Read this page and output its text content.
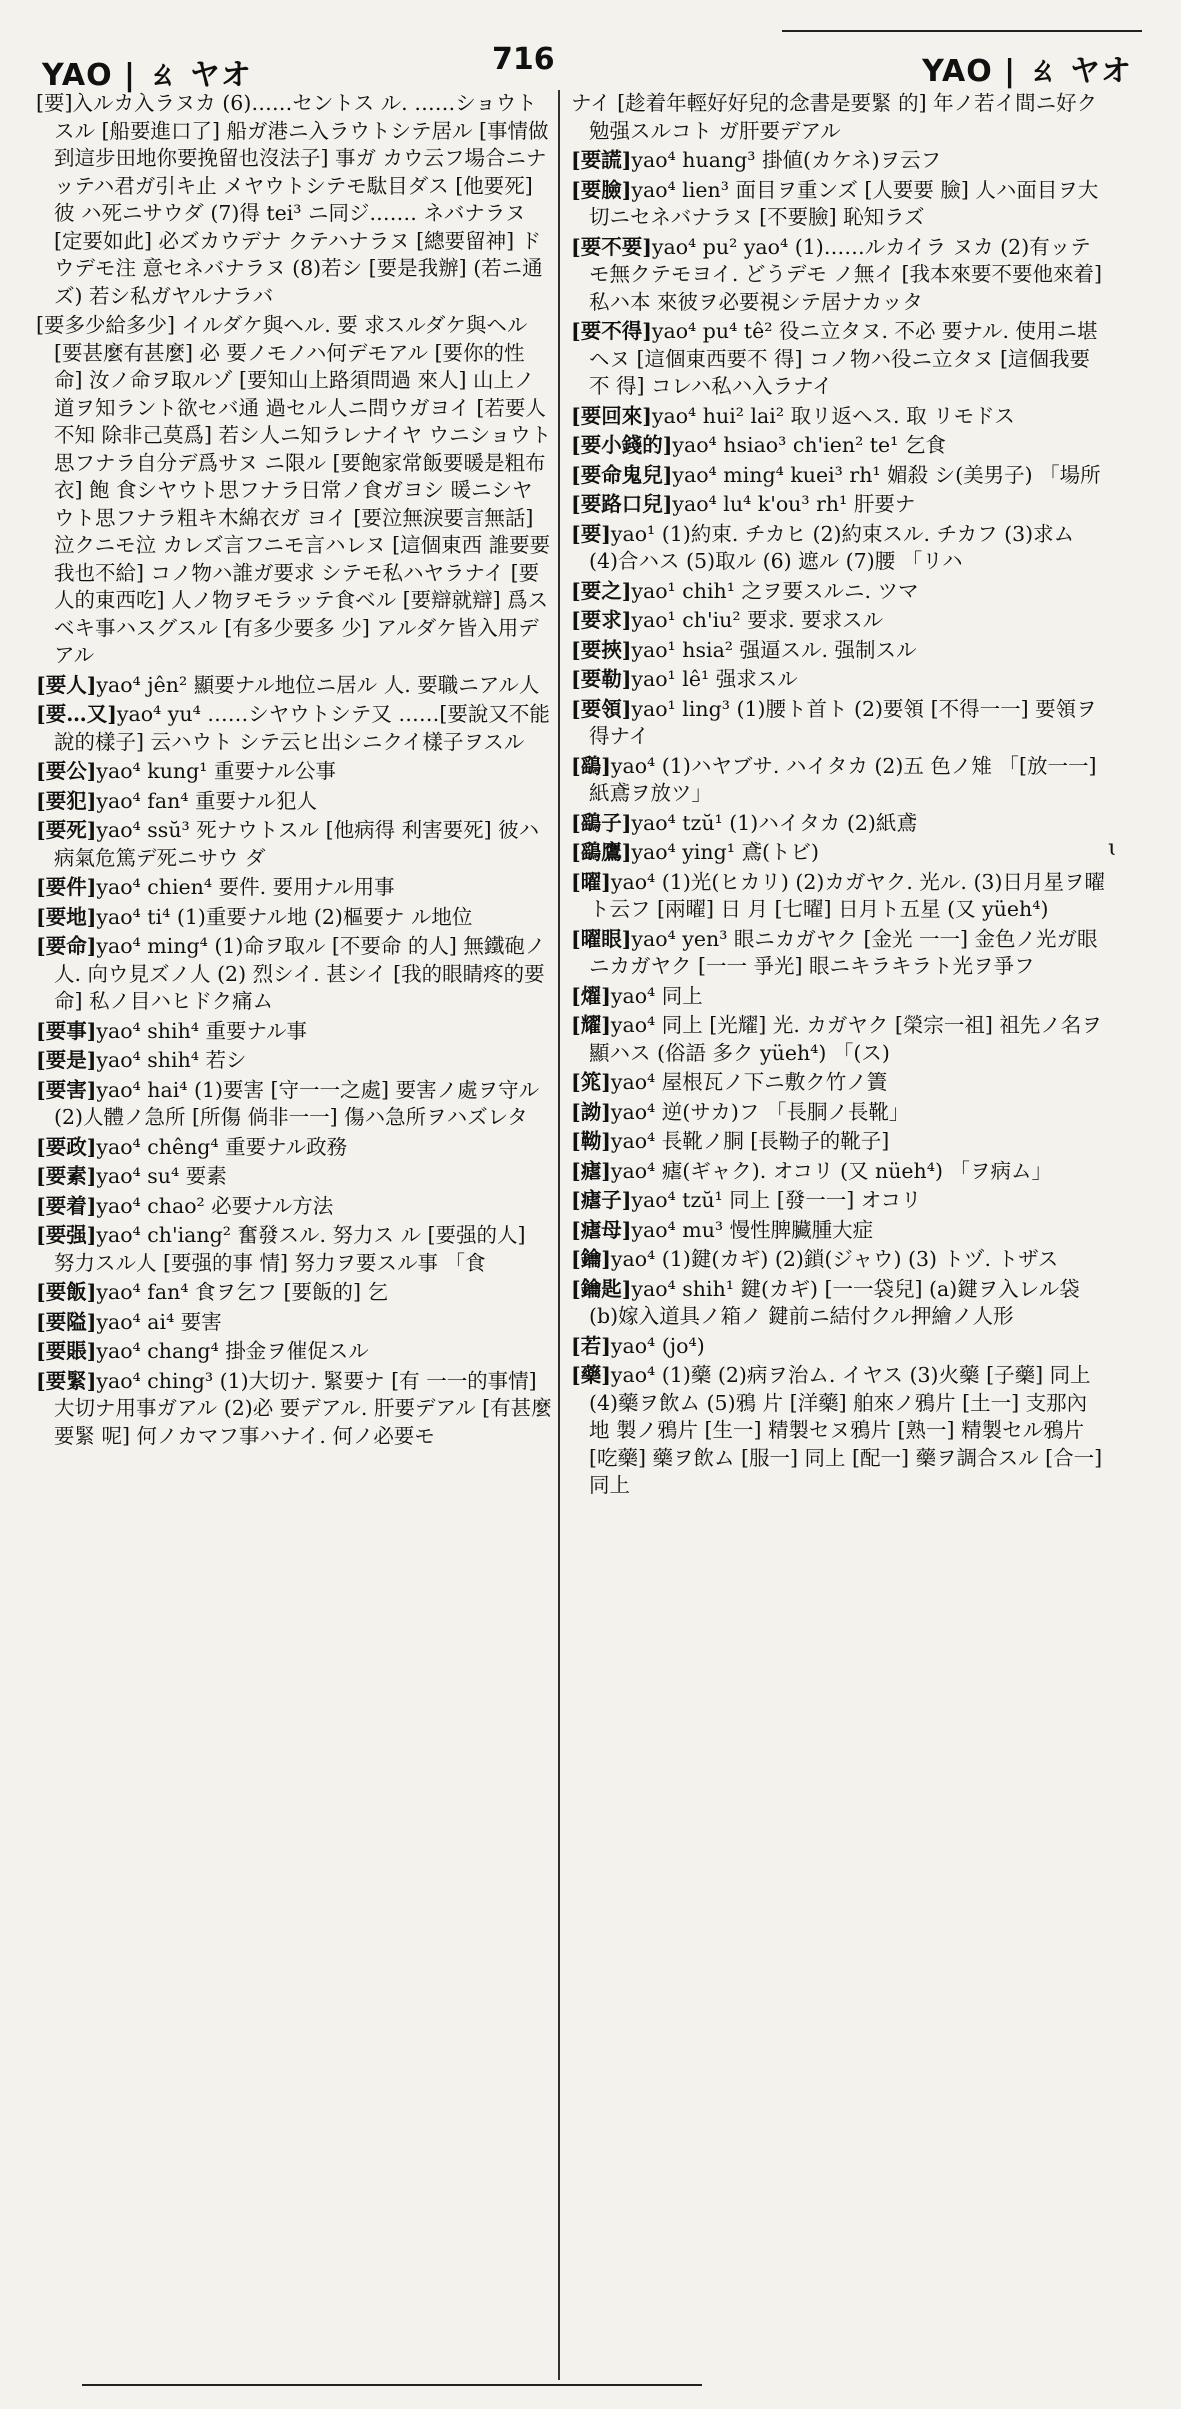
YAO | ㄠ ヤオ	716	YAO | ㄠ ヤオ

[要]入ルカ入ラヌカ (6)……セントス ル. ……ショウトスル [船要進口了] 船ガ港ニ入ラウトシテ居ル [事情做 到這步田地你要挽留也沒法子] 事ガ カウ云フ場合ニナッテハ君ガ引キ止 メヤウトシテモ駄目ダス [他要死] 彼 ハ死ニサウダ (7)得 tei³ ニ同ジ.…… ネバナラヌ [定要如此] 必ズカウデナ クテハナラヌ [總要留神] ドウデモ注 意セネバナラヌ (8)若シ [要是我辦] (若ニ通ズ) 若シ私ガヤルナラバ

[要多少給多少] イルダケ與ヘル. 要 求スルダケ與ヘル [要甚麼有甚麼] 必 要ノモノハ何デモアル [要你的性命] 汝ノ命ヲ取ルゾ [要知山上路須問過 來人] 山上ノ道ヲ知ラント欲セバ通 過セル人ニ問ウガヨイ [若要人不知 除非己莫爲] 若シ人ニ知ラレナイヤ ウニショウト思フナラ自分デ爲サヌ ニ限ル [要飽家常飯要暖是粗布衣] 飽 食シヤウト思フナラ日常ノ食ガヨシ 暖ニシヤウト思フナラ粗キ木綿衣ガ ヨイ [要泣無淚要言無話] 泣クニモ泣 カレズ言フニモ言ハレヌ [這個東西 誰要要我也不給] コノ物ハ誰ガ要求 シテモ私ハヤラナイ [要人的東西吃] 人ノ物ヲモラッテ食ベル [要辯就辯] 爲スベキ事ハスグスル [有多少要多 少] アルダケ皆入用デアル

[要人]yao⁴ jên² 顯要ナル地位ニ居ル 人. 要職ニアル人

[要…又]yao⁴ yu⁴ ……シヤウトシテ又 ……[要說又不能說的樣子] 云ハウト シテ云ヒ出シニクイ樣子ヲスル

[要公]yao⁴ kung¹ 重要ナル公事

[要犯]yao⁴ fan⁴ 重要ナル犯人

[要死]yao⁴ ssŭ³ 死ナウトスル [他病得 利害要死] 彼ハ病氣危篤デ死ニサウ ダ

[要件]yao⁴ chien⁴ 要件. 要用ナル用事

[要地]yao⁴ ti⁴ (1)重要ナル地 (2)樞要ナ ル地位

[要命]yao⁴ ming⁴ (1)命ヲ取ル [不要命 的人] 無鐵砲ノ人. 向ウ見ズノ人 (2) 烈シイ. 甚シイ [我的眼睛疼的要命] 私ノ目ハヒドク痛ム

[要事]yao⁴ shih⁴ 重要ナル事

[要是]yao⁴ shih⁴ 若シ

[要害]yao⁴ hai⁴ (1)要害 [守一一之處] 要害ノ處ヲ守ル (2)人體ノ急所 [所傷 倘非一一] 傷ハ急所ヲハズレタ

[要政]yao⁴ chêng⁴ 重要ナル政務

[要素]yao⁴ su⁴ 要素

[要着]yao⁴ chao² 必要ナル方法

[要强]yao⁴ ch'iang² 奮發スル. 努力ス ル [要强的人] 努力スル人 [要强的事 情] 努力ヲ要スル事 「食

[要飯]yao⁴ fan⁴ 食ヲ乞フ [要飯的] 乞

[要隘]yao⁴ ai⁴ 要害

[要賬]yao⁴ chang⁴ 掛金ヲ催促スル

[要緊]yao⁴ ching³ (1)大切ナ. 緊要ナ [有 一一的事情] 大切ナ用事ガアル (2)必 要デアル. 肝要デアル [有甚麼要緊 呢] 何ノカマフ事ハナイ. 何ノ必要モ

ナイ [趁着年輕好好兒的念書是要緊 的] 年ノ若イ間ニ好ク勉强スルコト ガ肝要デアル

[要謊]yao⁴ huang³ 掛値(カケネ)ヲ云フ

[要臉]yao⁴ lien³ 面目ヲ重ンズ [人要要 臉] 人ハ面目ヲ大切ニセネバナラヌ [不要臉] 恥知ラズ

[要不要]yao⁴ pu² yao⁴ (1)……ルカイラ ヌカ (2)有ッテモ無クテモヨイ. どうデモ ノ無イ [我本來要不要他來着] 私ハ本 來彼ヲ必要視シテ居ナカッタ

[要不得]yao⁴ pu⁴ tê² 役ニ立タヌ. 不必 要ナル. 使用ニ堪ヘヌ [這個東西要不 得] コノ物ハ役ニ立タヌ [這個我要不 得] コレハ私ハ入ラナイ

[要回來]yao⁴ hui² lai² 取リ返ヘス. 取 リモドス

[要小錢的]yao⁴ hsiao³ ch'ien² te¹ 乞食

[要命鬼兒]yao⁴ ming⁴ kuei³ rh¹ 媚殺 シ(美男子) 「場所

[要路口兒]yao⁴ lu⁴ k'ou³ rh¹ 肝要ナ

[要]yao¹ (1)約束. チカヒ (2)約束スル. チカフ (3)求ム (4)合ハス (5)取ル (6) 遮ル (7)腰 「リハ

[要之]yao¹ chih¹ 之ヲ要スルニ. ツマ

[要求]yao¹ ch'iu² 要求. 要求スル

[要挾]yao¹ hsia² 强逼スル. 强制スル

[要勒]yao¹ lê¹ 强求スル

[要領]yao¹ ling³ (1)腰ト首ト (2)要領 [不得一一] 要領ヲ得ナイ

[鷂]yao⁴ (1)ハヤブサ. ハイタカ (2)五 色ノ雉 「[放一一] 紙鳶ヲ放ツ」

[鷂子]yao⁴ tzŭ¹ (1)ハイタカ (2)紙鳶

[鷂鷹]yao⁴ ying¹ 鳶(トビ)

[曜]yao⁴ (1)光(ヒカリ) (2)カガヤク. 光ル. (3)日月星ヲ曜ト云フ [兩曜] 日 月 [七曜] 日月ト五星 (又 yüeh⁴)

[曜眼]yao⁴ yen³ 眼ニカガヤク [金光 一一] 金色ノ光ガ眼ニカガヤク [一一 爭光] 眼ニキラキラト光ヲ爭フ

[燿]yao⁴ 同上

[耀]yao⁴ 同上 [光耀] 光. カガヤク [榮宗一祖] 祖先ノ名ヲ顯ハス (俗語 多ク yüeh⁴) 「(ス)

[筄]yao⁴ 屋根瓦ノ下ニ敷ク竹ノ簀

[詏]yao⁴ 逆(サカ)フ 「長胴ノ長靴」

[靿]yao⁴ 長靴ノ胴 [長靿子的靴子]

[瘧]yao⁴ 瘧(ギャク). オコリ (又 nüeh⁴) 「ヲ病ム」

[瘧子]yao⁴ tzŭ¹ 同上 [發一一] オコリ

[瘧母]yao⁴ mu³ 慢性脾臟腫大症

[鑰]yao⁴ (1)鍵(カギ) (2)鎖(ジャウ) (3) トヅ. トザス

[鑰匙]yao⁴ shih¹ 鍵(カギ) [一一袋兒] (a)鍵ヲ入レル袋 (b)嫁入道具ノ箱ノ 鍵前ニ結付クル押繪ノ人形

[若]yao⁴ (jo⁴)

[藥]yao⁴ (1)藥 (2)病ヲ治ム. イヤス (3)火藥 [子藥] 同上 (4)藥ヲ飲ム (5)鴉 片 [洋藥] 舶來ノ鴉片 [土一] 支那內地 製ノ鴉片 [生一] 精製セヌ鴉片 [熟一] 精製セル鴉片 [吃藥] 藥ヲ飲ム [服一] 同上 [配一] 藥ヲ調合スル [合一] 同上

ɩ
